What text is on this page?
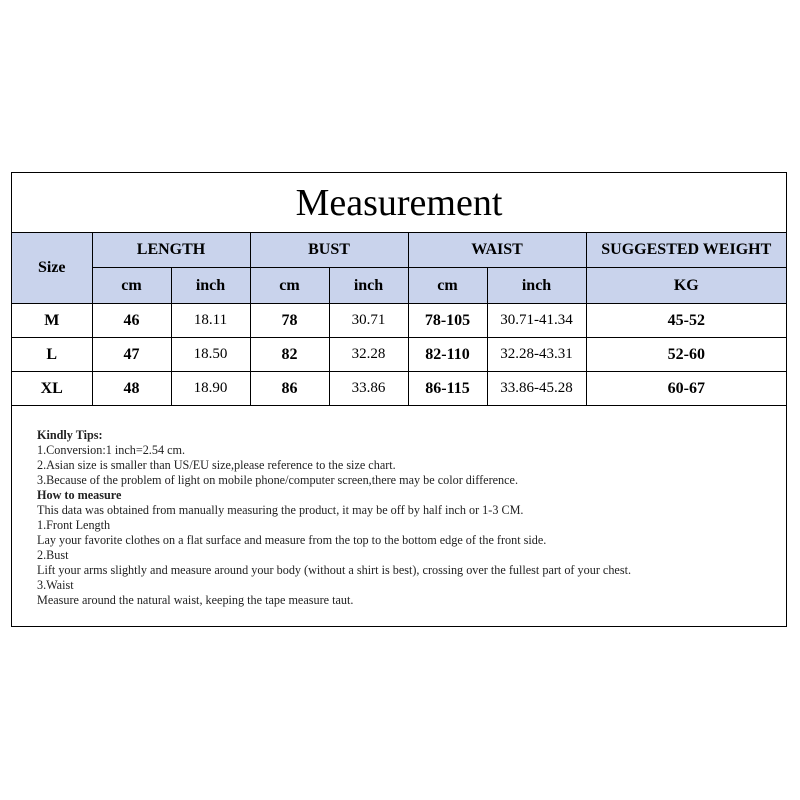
Measurement
Size	LENGTH		BUST		WAIST		SUGGESTED WEIGHT
	cm	inch	cm	inch	cm	inch	KG
M	46	18.11	78	30.71	78-105	30.71-41.34	45-52
L	47	18.50	82	32.28	82-110	32.28-43.31	52-60
XL	48	18.90	86	33.86	86-115	33.86-45.28	60-67
Kindly Tips:
1.Conversion:1 inch=2.54 cm.
2.Asian size is smaller than US/EU size,please reference to the size chart.
3.Because of the problem of light on mobile phone/computer screen,there may be color difference.
How to measure
This data was obtained from manually measuring the product, it may be off by half inch or 1-3 CM.
1.Front Length
Lay your favorite clothes on a flat surface and measure from the top to the bottom edge of the front side.
2.Bust
Lift your arms slightly and measure around your body (without a shirt is best), crossing over the fullest part of your chest.
3.Waist
Measure around the natural waist, keeping the tape measure taut.
